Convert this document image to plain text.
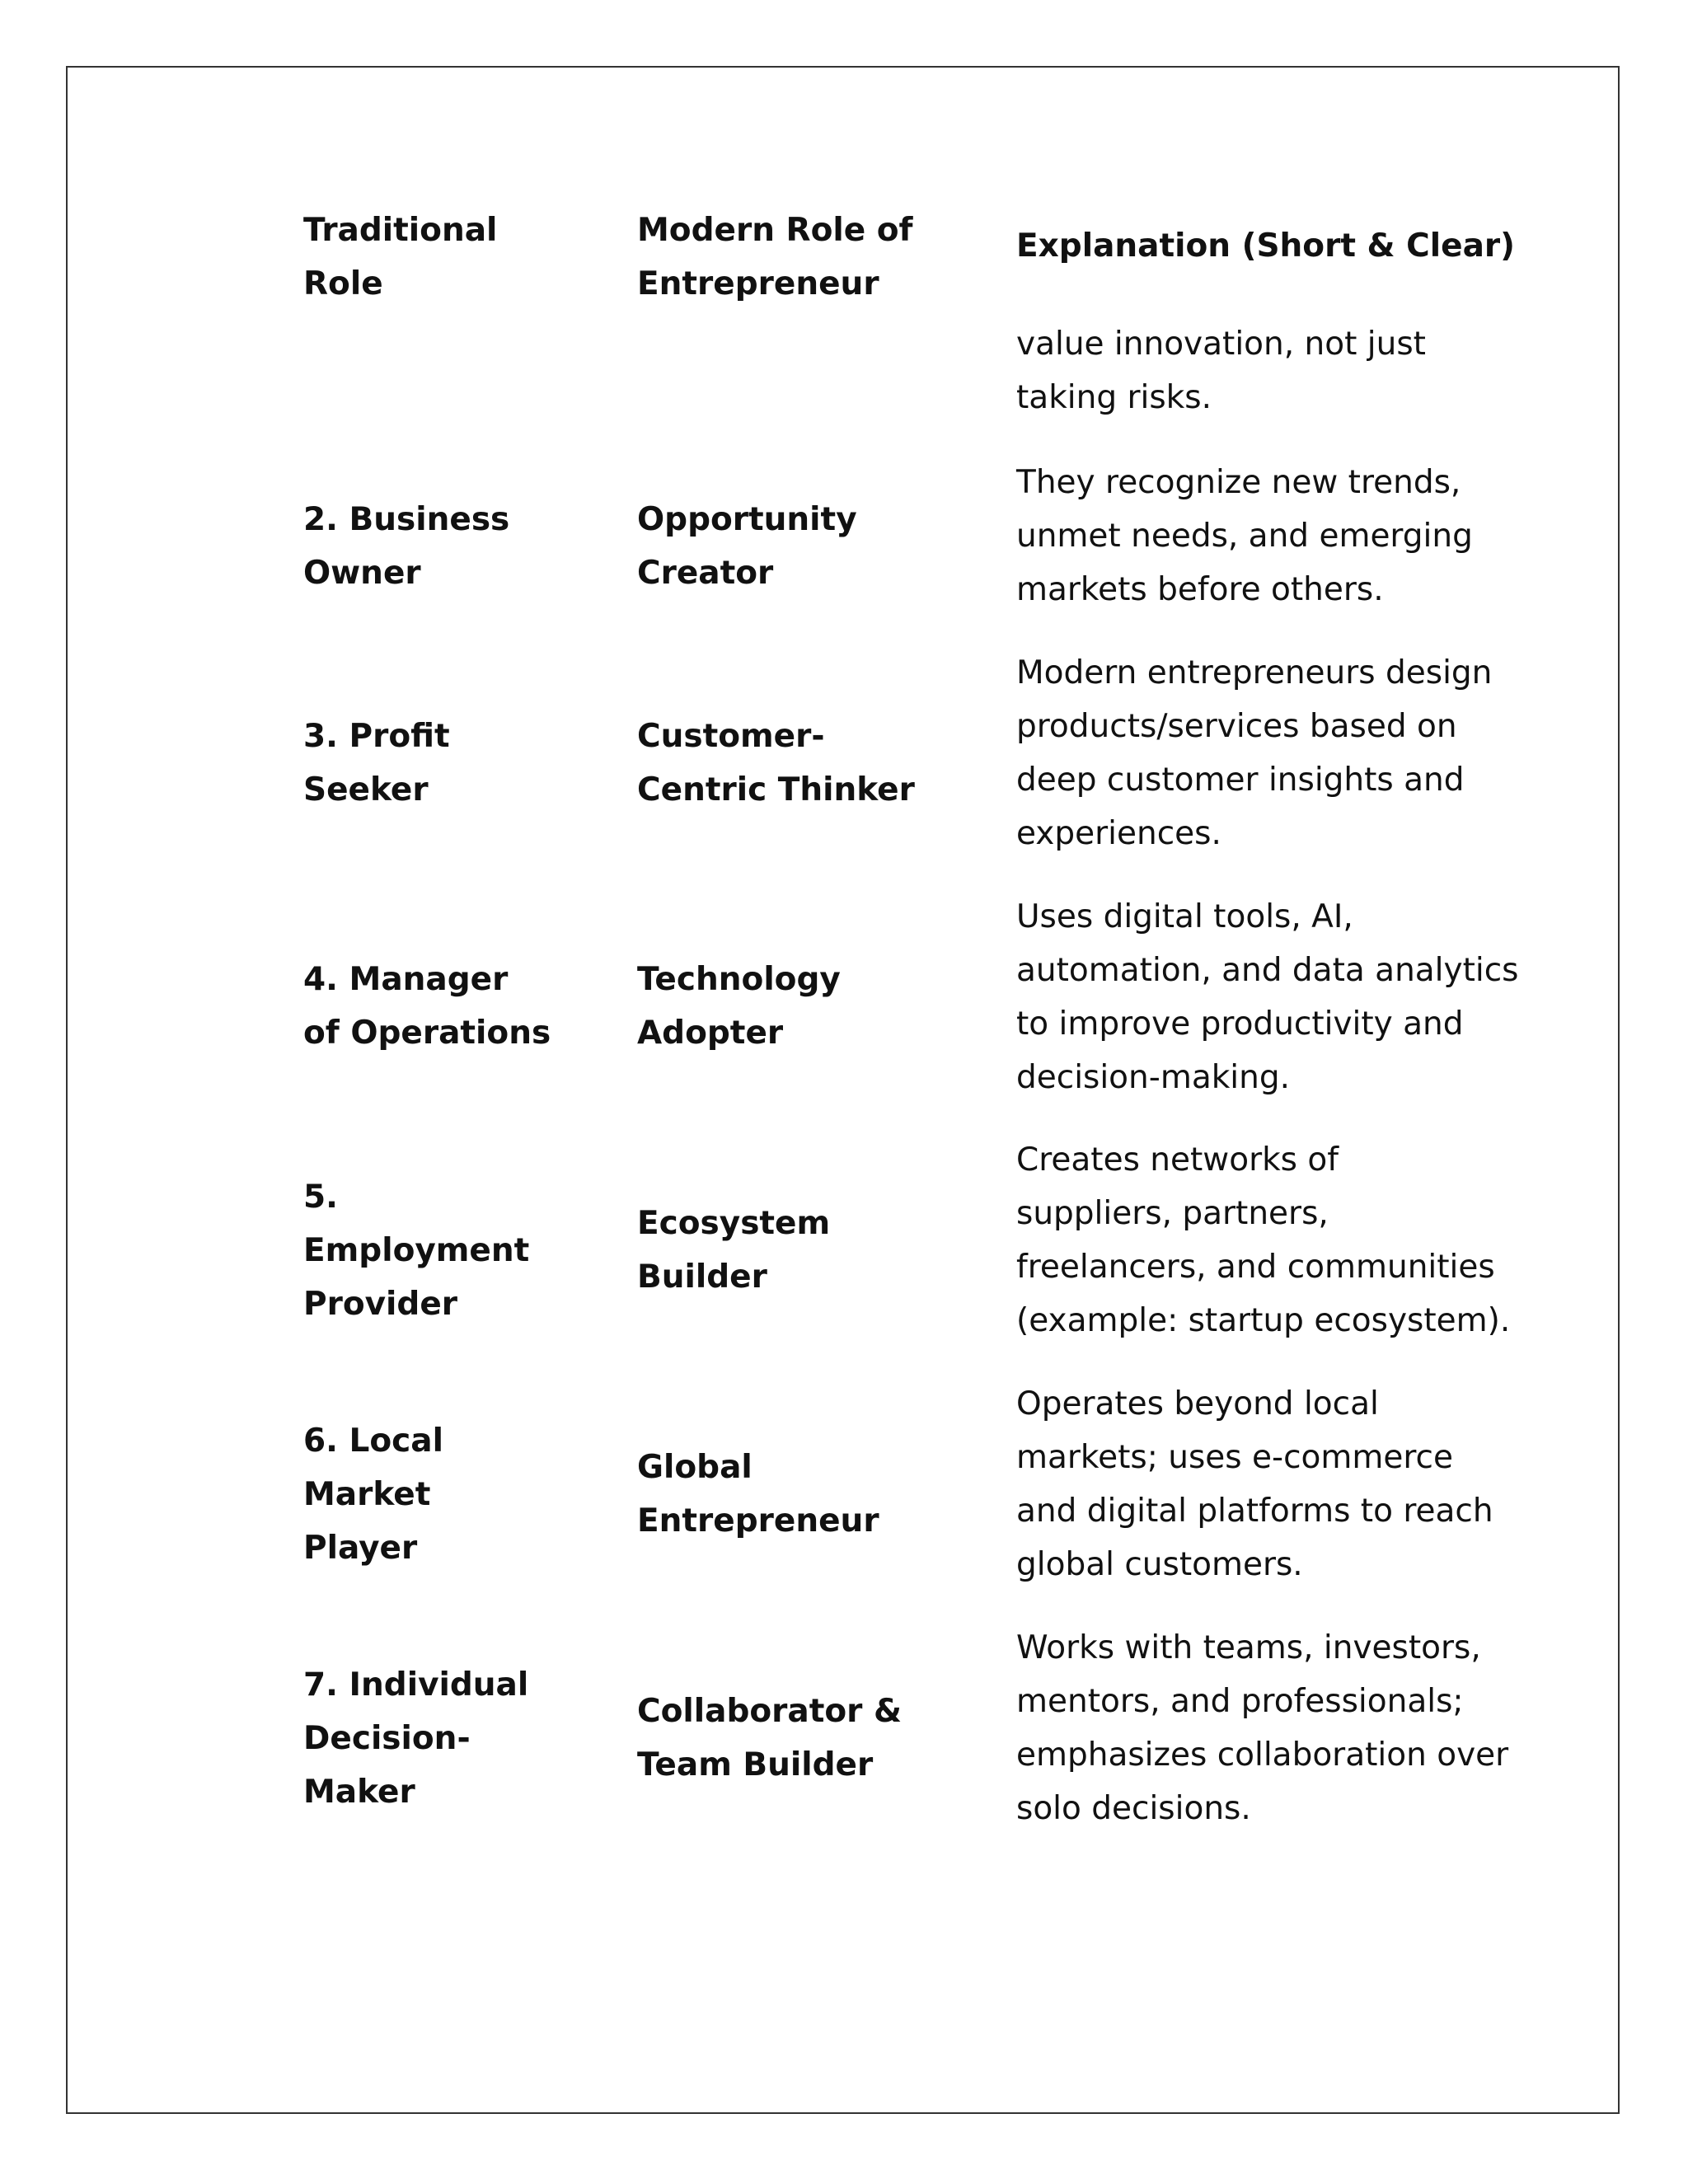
Traditional
Role
Modern Role of
Entrepreneur
Explanation (Short & Clear)
value innovation, not just
taking risks.
2. Business
Owner
Opportunity
Creator
They recognize new trends,
unmet needs, and emerging
markets before others.
3. Profit
Seeker
Customer-
Centric Thinker
Modern entrepreneurs design
products/services based on
deep customer insights and
experiences.
4. Manager
of Operations
Technology
Adopter
Uses digital tools, AI,
automation, and data analytics
to improve productivity and
decision-making.
5.
Employment
Provider
Ecosystem
Builder
Creates networks of
suppliers, partners,
freelancers, and communities
(example: startup ecosystem).
6. Local
Market
Player
Global
Entrepreneur
Operates beyond local
markets; uses e-commerce
and digital platforms to reach
global customers.
7. Individual
Decision-
Maker
Collaborator &
Team Builder
Works with teams, investors,
mentors, and professionals;
emphasizes collaboration over
solo decisions.
